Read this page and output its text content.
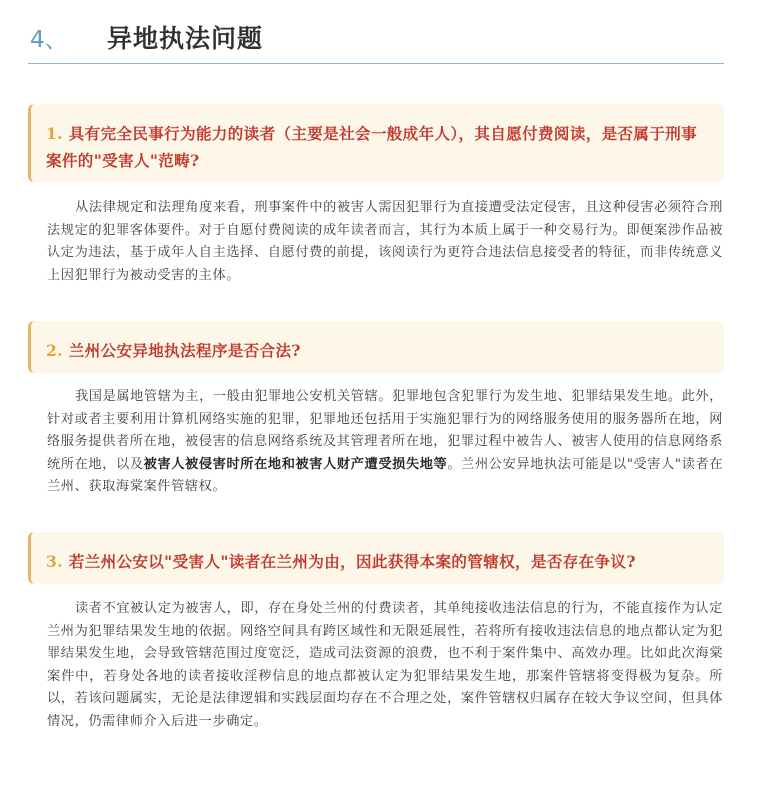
4、 异地执法问题
1. 具有完全民事行为能力的读者（主要是社会一般成年人），其自愿付费阅读，是否属于刑事案件的"受害人"范畴?
从法律规定和法理角度来看，刑事案件中的被害人需因犯罪行为直接遭受法定侵害，且这种侵害必须符合刑法规定的犯罪客体要件。对于自愿付费阅读的成年读者而言，其行为本质上属于一种交易行为。即便案涉作品被认定为违法，基于成年人自主选择、自愿付费的前提，该阅读行为更符合违法信息接受者的特征，而非传统意义上因犯罪行为被动受害的主体。
2. 兰州公安异地执法程序是否合法?
我国是属地管辖为主，一般由犯罪地公安机关管辖。犯罪地包含犯罪行为发生地、犯罪结果发生地。此外，针对或者主要利用计算机网络实施的犯罪，犯罪地还包括用于实施犯罪行为的网络服务使用的服务器所在地，网络服务提供者所在地，被侵害的信息网络系统及其管理者所在地，犯罪过程中被告人、被害人使用的信息网络系统所在地，以及被害人被侵害时所在地和被害人财产遭受损失地等。兰州公安异地执法可能是以"受害人"读者在兰州、获取海棠案件管辖权。
3. 若兰州公安以"受害人"读者在兰州为由，因此获得本案的管辖权，是否存在争议?
读者不宜被认定为被害人，即，存在身处兰州的付费读者，其单纯接收违法信息的行为，不能直接作为认定兰州为犯罪结果发生地的依据。网络空间具有跨区域性和无限延展性，若将所有接收违法信息的地点都认定为犯罪结果发生地，会导致管辖范围过度宽泛，造成司法资源的浪费，也不利于案件集中、高效办理。比如此次海棠案件中，若身处各地的读者接收淫秽信息的地点都被认定为犯罪结果发生地，那案件管辖将变得极为复杂。所以，若该问题属实，无论是法律逻辑和实践层面均存在不合理之处，案件管辖权归属存在较大争议空间，但具体情况，仍需律师介入后进一步确定。
